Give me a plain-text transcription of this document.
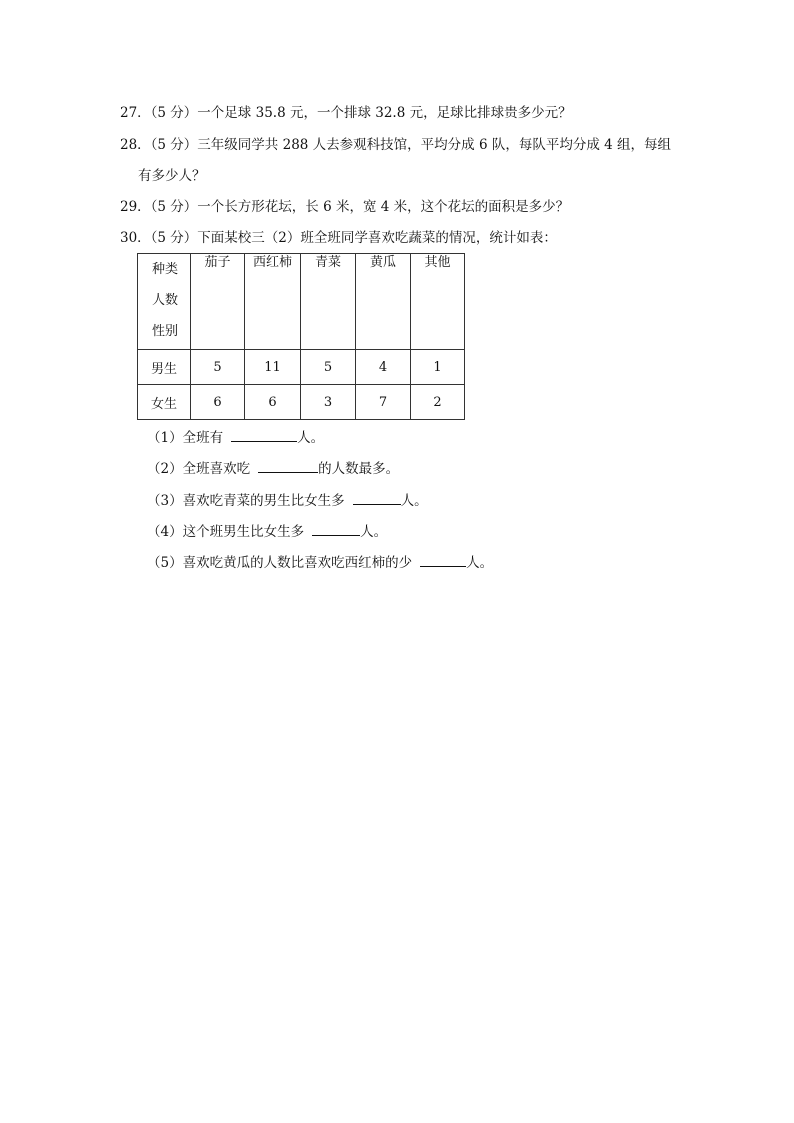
27．（5 分）一个足球 35.8 元，一个排球 32.8 元，足球比排球贵多少元？
28．（5 分）三年级同学共 288 人去参观科技馆，平均分成 6 队，每队平均分成 4 组，每组
有多少人？
29．（5 分）一个长方形花坛，长 6 米，宽 4 米，这个花坛的面积是多少？
30．（5 分）下面某校三（2）班全班同学喜欢吃蔬菜的情况，统计如表：
种类
人数
性别	茄子	西红柿	青菜	黄瓜	其他
男生	5	11	5	4	1
女生	6	6	3	7	2
（1）全班有	人。
（2）全班喜欢吃	的人数最多。
（3）喜欢吃青菜的男生比女生多	人。
（4）这个班男生比女生多	人。
（5）喜欢吃黄瓜的人数比喜欢吃西红柿的少	人。
